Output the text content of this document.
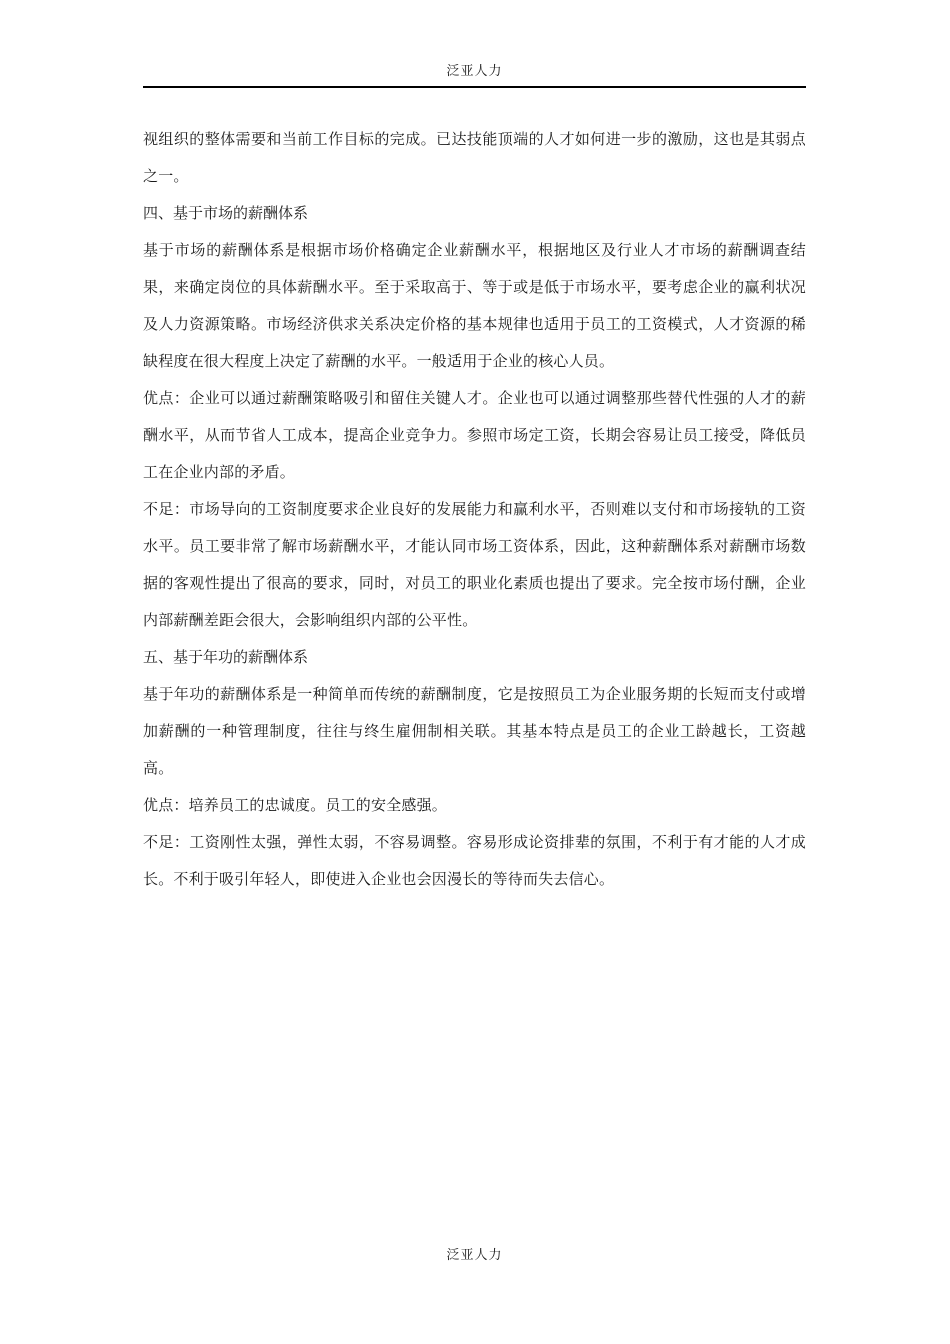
泛亚人力

视组织的整体需要和当前工作目标的完成。已达技能顶端的人才如何进一步的激励，这也是其弱点之一。

四、基于市场的薪酬体系

基于市场的薪酬体系是根据市场价格确定企业薪酬水平，根据地区及行业人才市场的薪酬调查结果，来确定岗位的具体薪酬水平。至于采取高于、等于或是低于市场水平，要考虑企业的赢利状况及人力资源策略。市场经济供求关系决定价格的基本规律也适用于员工的工资模式，人才资源的稀缺程度在很大程度上决定了薪酬的水平。一般适用于企业的核心人员。

优点：企业可以通过薪酬策略吸引和留住关键人才。企业也可以通过调整那些替代性强的人才的薪酬水平，从而节省人工成本，提高企业竞争力。参照市场定工资，长期会容易让员工接受，降低员工在企业内部的矛盾。

不足：市场导向的工资制度要求企业良好的发展能力和赢利水平，否则难以支付和市场接轨的工资水平。员工要非常了解市场薪酬水平，才能认同市场工资体系，因此，这种薪酬体系对薪酬市场数据的客观性提出了很高的要求，同时，对员工的职业化素质也提出了要求。完全按市场付酬，企业内部薪酬差距会很大，会影响组织内部的公平性。

五、基于年功的薪酬体系

基于年功的薪酬体系是一种简单而传统的薪酬制度，它是按照员工为企业服务期的长短而支付或增加薪酬的一种管理制度，往往与终生雇佣制相关联。其基本特点是员工的企业工龄越长，工资越高。

优点：培养员工的忠诚度。员工的安全感强。

不足：工资刚性太强，弹性太弱，不容易调整。容易形成论资排辈的氛围，不利于有才能的人才成长。不利于吸引年轻人，即使进入企业也会因漫长的等待而失去信心。

泛亚人力
